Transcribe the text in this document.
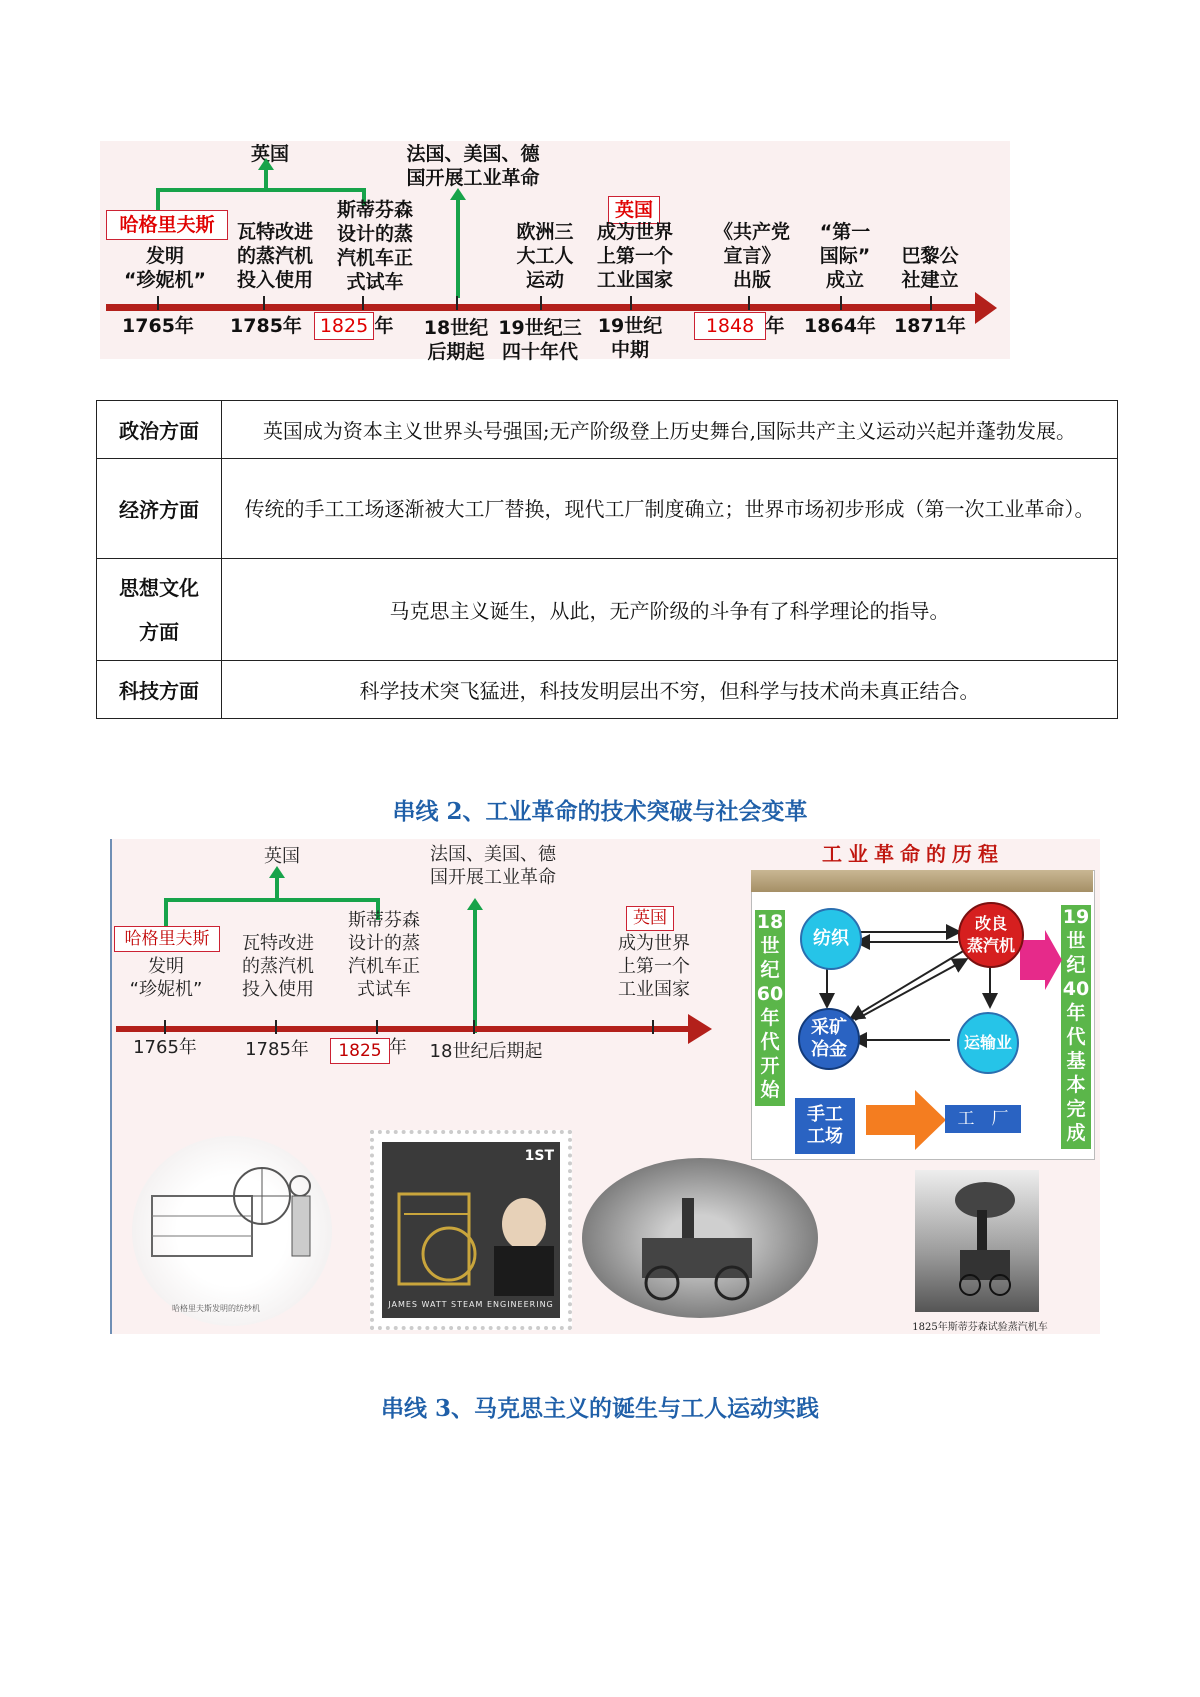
英国	法国、美国、德
国开展工业革命
哈格里夫斯
发明
“珍妮机”
瓦特改进
的蒸汽机
投入使用
斯蒂芬森
设计的蒸
汽机车正
式试车
欧洲三
大工人
运动
英国
成为世界
上第一个
工业国家
《共产党
宣言》
出版
“第一
国际”
成立
巴黎公
社建立
1765年 1785年 1825 年	18世纪
后期起
19世纪三
四十年代
19世纪
中期
1848 年 1864年 1871年
政治方面	英国成为资本主义世界头号强国;无产阶级登上历史舞台,国际共产主义运动兴起并蓬勃发展。
经济方面	传统的手工工场逐渐被大工厂替换，现代工厂制度确立；世界市场初步形成（第一次工业革命）。
思想文化方面	马克思主义诞生，从此，无产阶级的斗争有了科学理论的指导。
科技方面	科学技术突飞猛进，科技发明层出不穷，但科学与技术尚未真正结合。
串线 2、工业革命的技术突破与社会变革
英国	法国、美国、德
国开展工业革命
哈格里夫斯
发明
“珍妮机”
瓦特改进
的蒸汽机
投入使用
斯蒂芬森
设计的蒸
汽机车正
式试车
英国
成为世界
上第一个
工业国家
1765年	1785年	1825 年	18世纪后期起
工业革命的历程
18世纪60年代开始
19世纪40年代基本完成
纺织
改良
蒸汽机
采矿
冶金	运输业
手工
工场
工　厂
哈格里夫斯发明的纺纱机
1ST
JAMES WATT STEAM ENGINEERING
1825年斯蒂芬森试验蒸汽机车
串线 3、马克思主义的诞生与工人运动实践
